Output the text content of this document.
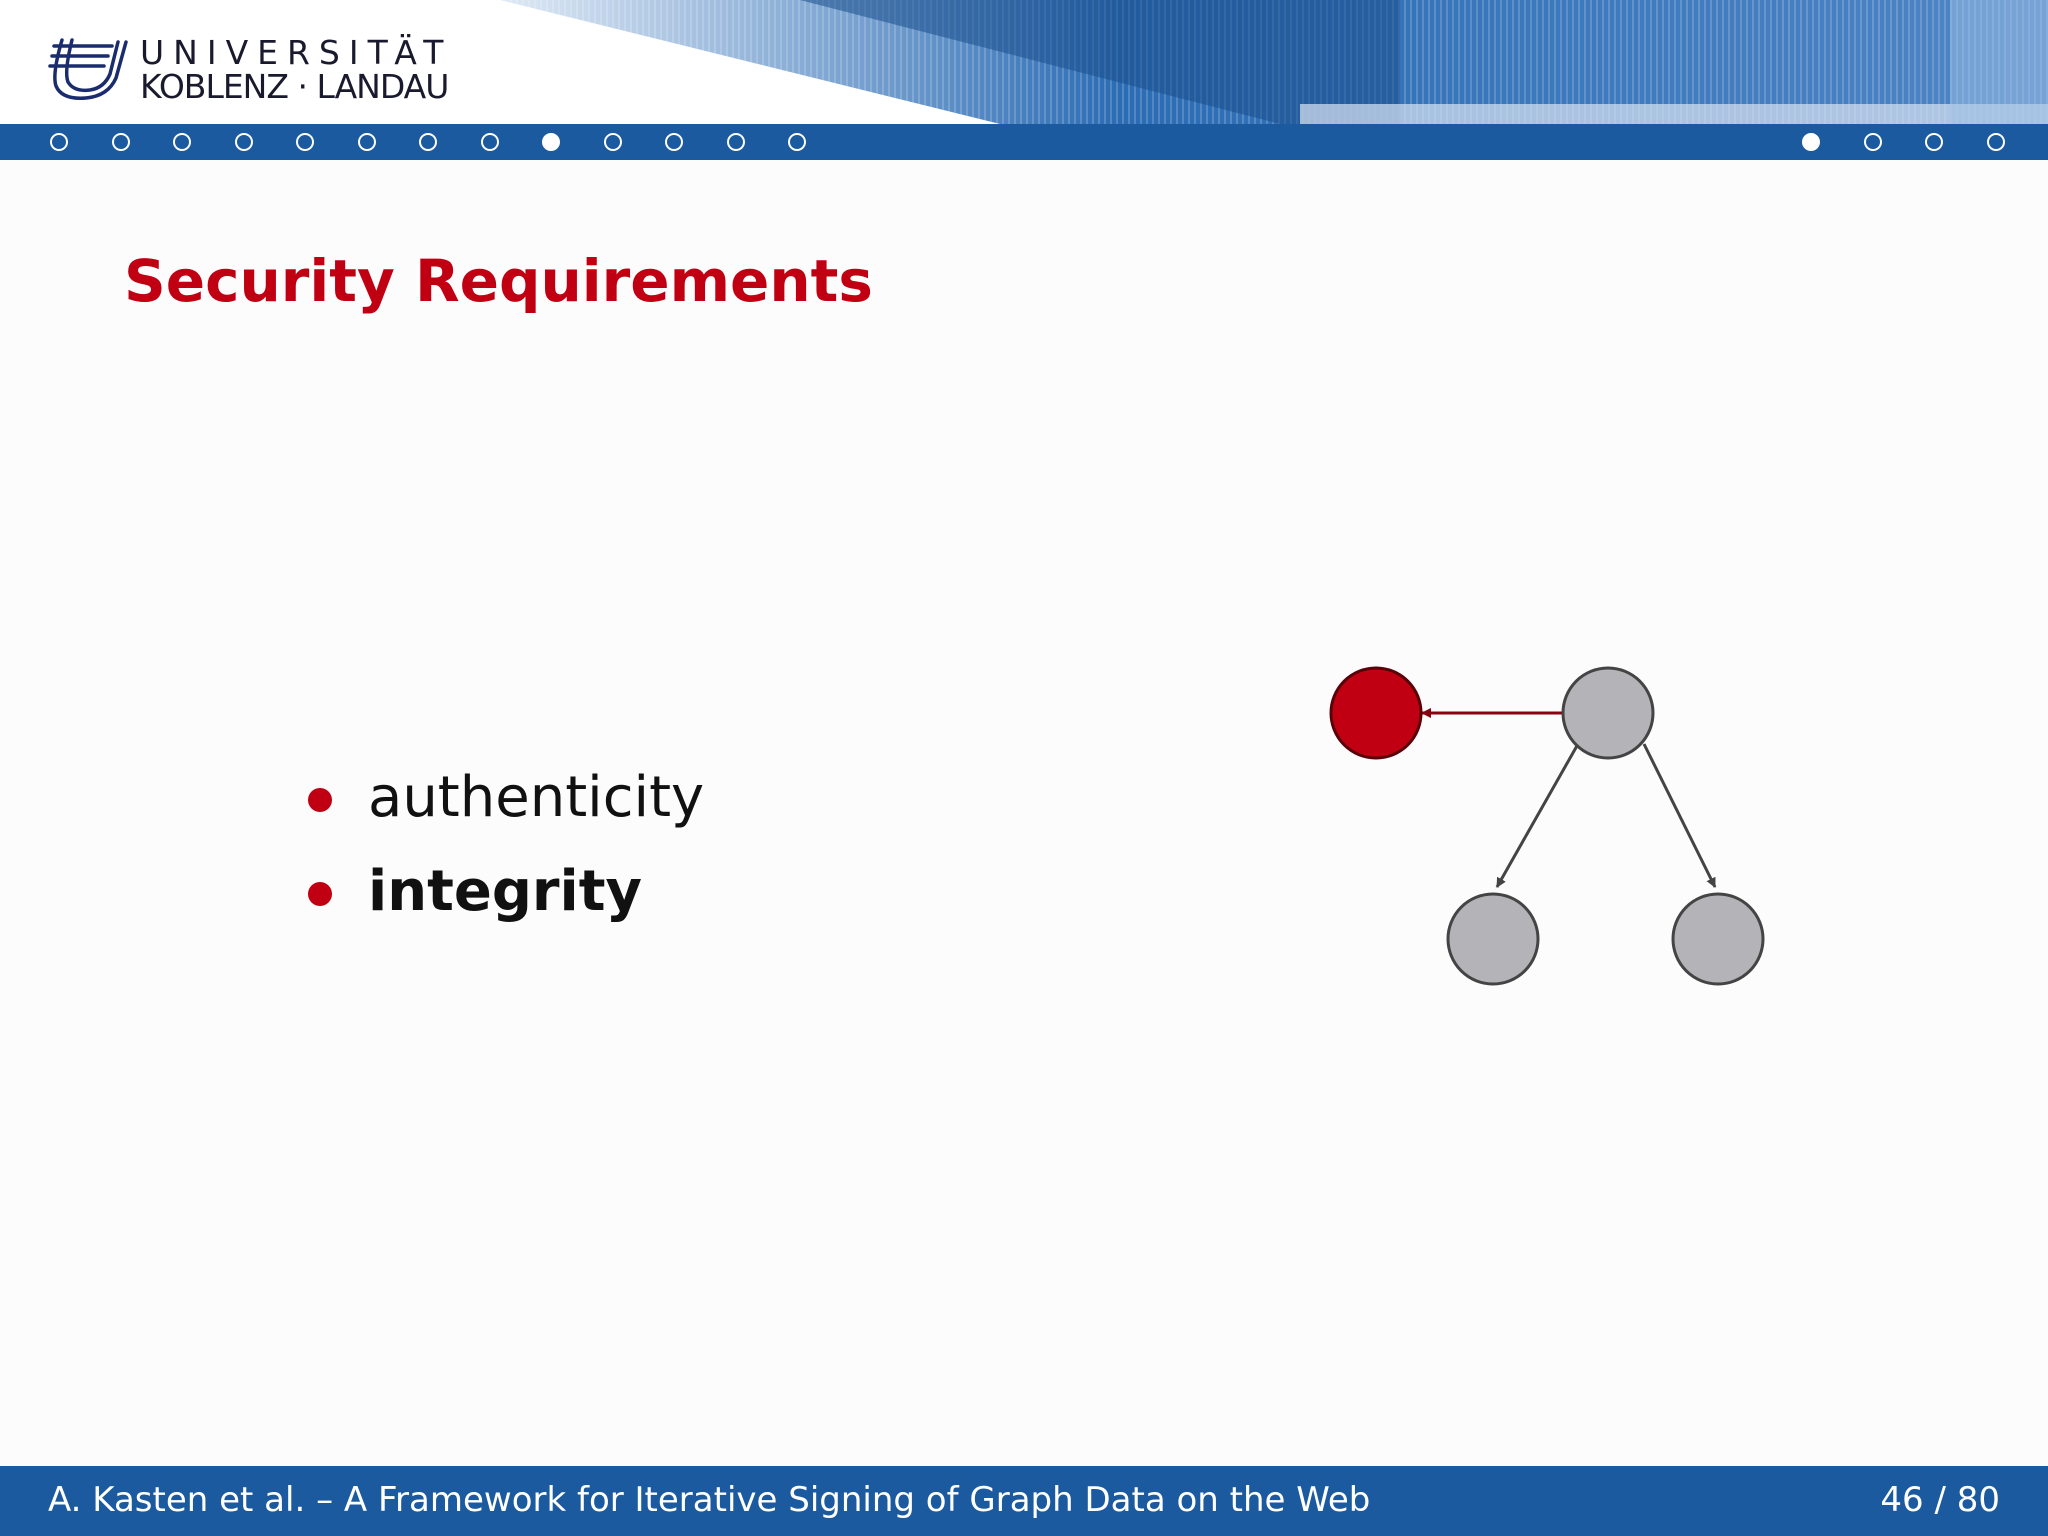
UNIVERSITÄT
KOBLENZ · LANDAU
Security Requirements
authenticity
integrity
A. Kasten et al. – A Framework for Iterative Signing of Graph Data on the Web	46 / 80
